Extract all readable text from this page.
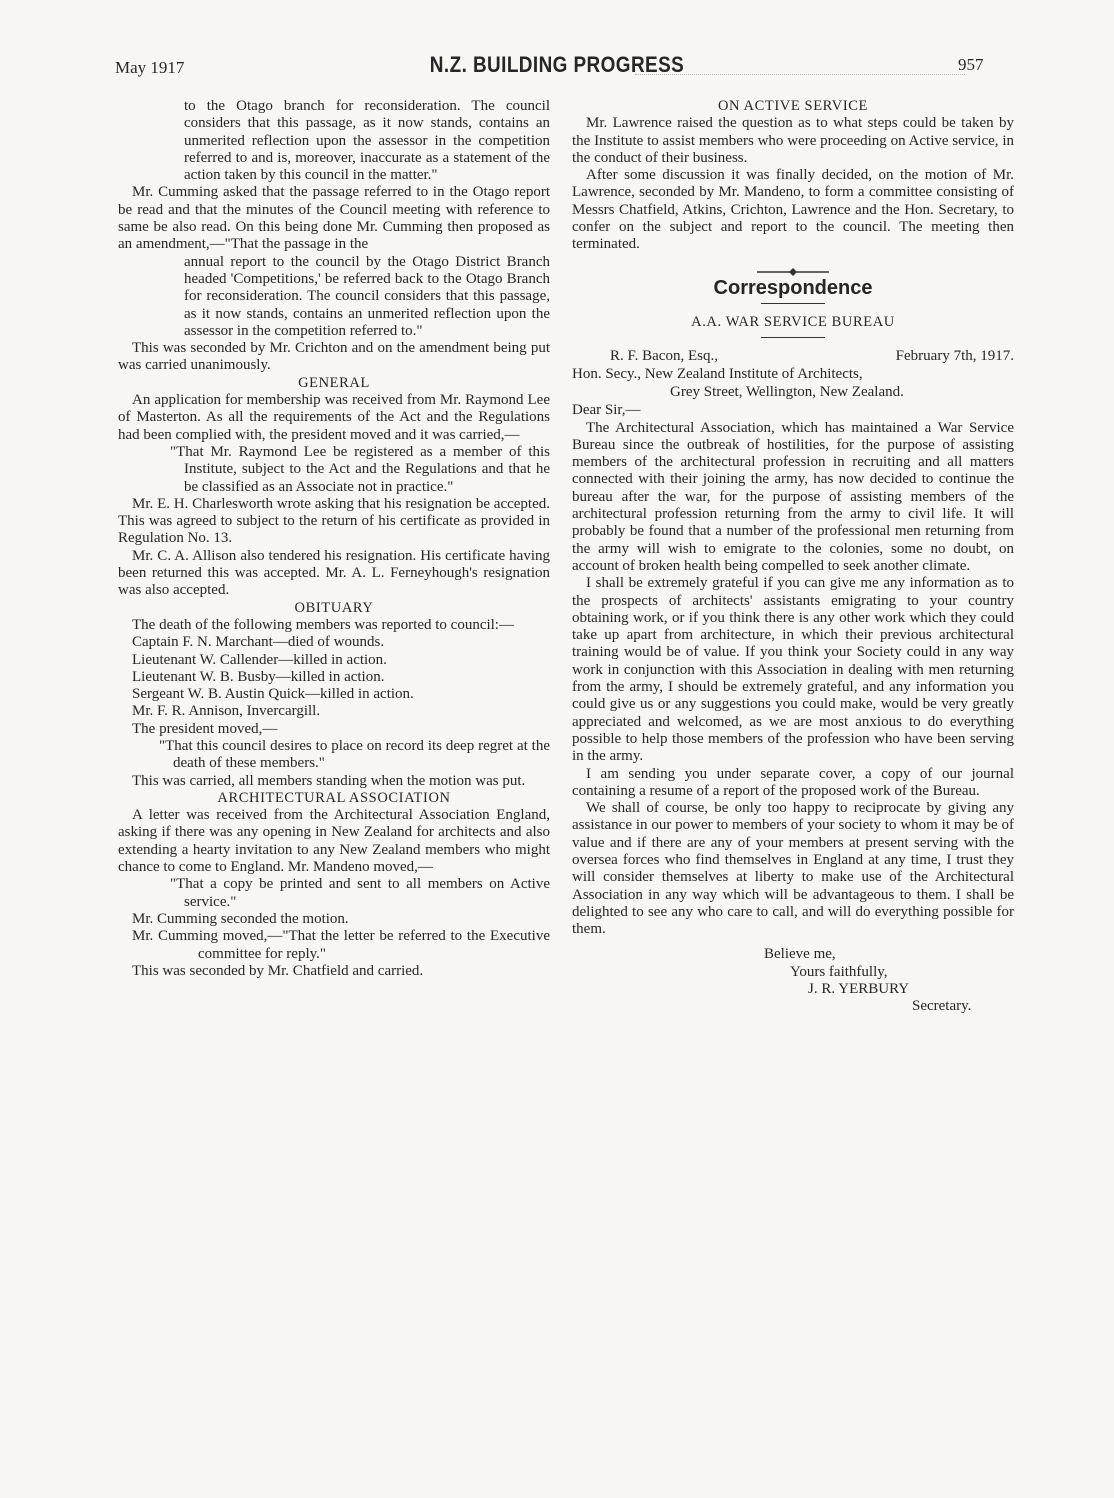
May 1917	N.Z. BUILDING PROGRESS	957

to the Otago branch for reconsideration. The council considers that this passage, as it now stands, contains an unmerited reflection upon the assessor in the competition referred to and is, moreover, inaccurate as a statement of the action taken by this council in the matter."

Mr. Cumming asked that the passage referred to in the Otago report be read and that the minutes of the Council meeting with reference to same be also read. On this being done Mr. Cumming then proposed as an amendment,—"That the passage in the

annual report to the council by the Otago District Branch headed 'Competitions,' be referred back to the Otago Branch for reconsideration. The council considers that this passage, as it now stands, contains an unmerited reflection upon the assessor in the competition referred to."

This was seconded by Mr. Crichton and on the amendment being put was carried unanimously.

GENERAL

An application for membership was received from Mr. Raymond Lee of Masterton. As all the requirements of the Act and the Regulations had been complied with, the president moved and it was carried,—

"That Mr. Raymond Lee be registered as a member of this Institute, subject to the Act and the Regulations and that he be classified as an Associate not in practice."

Mr. E. H. Charlesworth wrote asking that his resignation be accepted. This was agreed to subject to the return of his certificate as provided in Regulation No. 13.

Mr. C. A. Allison also tendered his resignation. His certificate having been returned this was accepted. Mr. A. L. Ferneyhough's resignation was also accepted.

OBITUARY

The death of the following members was reported to council:—

Captain F. N. Marchant—died of wounds.

Lieutenant W. Callender—killed in action.

Lieutenant W. B. Busby—killed in action.

Sergeant W. B. Austin Quick—killed in action.

Mr. F. R. Annison, Invercargill.

The president moved,—

"That this council desires to place on record its deep regret at the death of these members."

This was carried, all members standing when the motion was put.

ARCHITECTURAL ASSOCIATION

A letter was received from the Architectural Association England, asking if there was any opening in New Zealand for architects and also extending a hearty invitation to any New Zealand members who might chance to come to England. Mr. Mandeno moved,—

"That a copy be printed and sent to all members on Active service."

Mr. Cumming seconded the motion.

Mr. Cumming moved,—"That the letter be referred to the Executive committee for reply."

This was seconded by Mr. Chatfield and carried.

ON ACTIVE SERVICE

Mr. Lawrence raised the question as to what steps could be taken by the Institute to assist members who were proceeding on Active service, in the conduct of their business.

After some discussion it was finally decided, on the motion of Mr. Lawrence, seconded by Mr. Mandeno, to form a committee consisting of Messrs Chatfield, Atkins, Crichton, Lawrence and the Hon. Secretary, to confer on the subject and report to the council. The meeting then terminated.

Correspondence

A.A. WAR SERVICE BUREAU

R. F. Bacon, Esq.,	February 7th, 1917.
Hon. Secy., New Zealand Institute of Architects,
Grey Street, Wellington, New Zealand.

Dear Sir,—

The Architectural Association, which has maintained a War Service Bureau since the outbreak of hostilities, for the purpose of assisting members of the architectural profession in recruiting and all matters connected with their joining the army, has now decided to continue the bureau after the war, for the purpose of assisting members of the architectural profession returning from the army to civil life. It will probably be found that a number of the professional men returning from the army will wish to emigrate to the colonies, some no doubt, on account of broken health being compelled to seek another climate.

I shall be extremely grateful if you can give me any information as to the prospects of architects' assistants emigrating to your country obtaining work, or if you think there is any other work which they could take up apart from architecture, in which their previous architectural training would be of value. If you think your Society could in any way work in conjunction with this Association in dealing with men returning from the army, I should be extremely grateful, and any information you could give us or any suggestions you could make, would be very greatly appreciated and welcomed, as we are most anxious to do everything possible to help those members of the profession who have been serving in the army.

I am sending you under separate cover, a copy of our journal containing a resume of a report of the proposed work of the Bureau.

We shall of course, be only too happy to reciprocate by giving any assistance in our power to members of your society to whom it may be of value and if there are any of your members at present serving with the oversea forces who find themselves in England at any time, I trust they will consider themselves at liberty to make use of the Architectural Association in any way which will be advantageous to them. I shall be delighted to see any who care to call, and will do everything possible for them.

Believe me,

Yours faithfully,

J. R. YERBURY

Secretary.
